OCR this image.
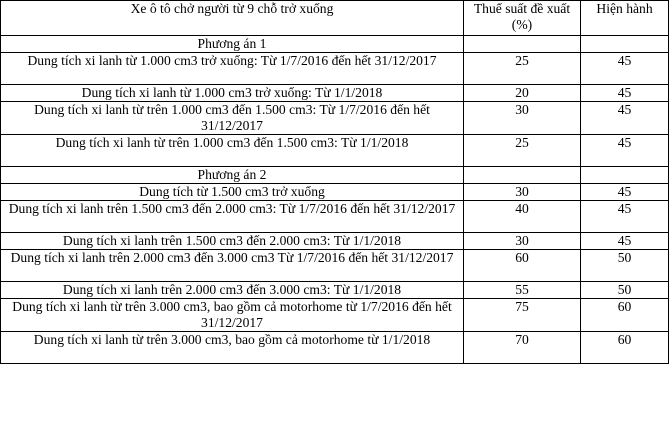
Xe ô tô chở người từ 9 chỗ trở xuống	Thuế suất đề xuất (%)	Hiện hành
Phương án 1		
Dung tích xi lanh từ 1.000 cm3 trở xuống: Từ 1/7/2016 đến hết 31/12/2017	25	45
Dung tích xi lanh từ 1.000 cm3 trở xuống: Từ 1/1/2018	20	45
Dung tích xi lanh từ trên 1.000 cm3 đến 1.500 cm3: Từ 1/7/2016 đến hết 31/12/2017	30	45
Dung tích xi lanh từ trên 1.000 cm3 đến 1.500 cm3: Từ 1/1/2018	25	45
Phương án 2		
Dung tích từ 1.500 cm3 trở xuống	30	45
Dung tích xi lanh trên 1.500 cm3 đến 2.000 cm3: Từ 1/7/2016 đến hết 31/12/2017	40	45
Dung tích xi lanh trên 1.500 cm3 đến 2.000 cm3: Từ 1/1/2018	30	45
Dung tích xi lanh trên 2.000 cm3 đến 3.000 cm3 Từ 1/7/2016 đến hết 31/12/2017	60	50
Dung tích xi lanh trên 2.000 cm3 đến 3.000 cm3: Từ 1/1/2018	55	50
Dung tích xi lanh từ trên 3.000 cm3, bao gồm cả motorhome từ 1/7/2016 đến hết 31/12/2017	75	60
Dung tích xi lanh từ trên 3.000 cm3, bao gồm cả motorhome từ 1/1/2018	70	60
